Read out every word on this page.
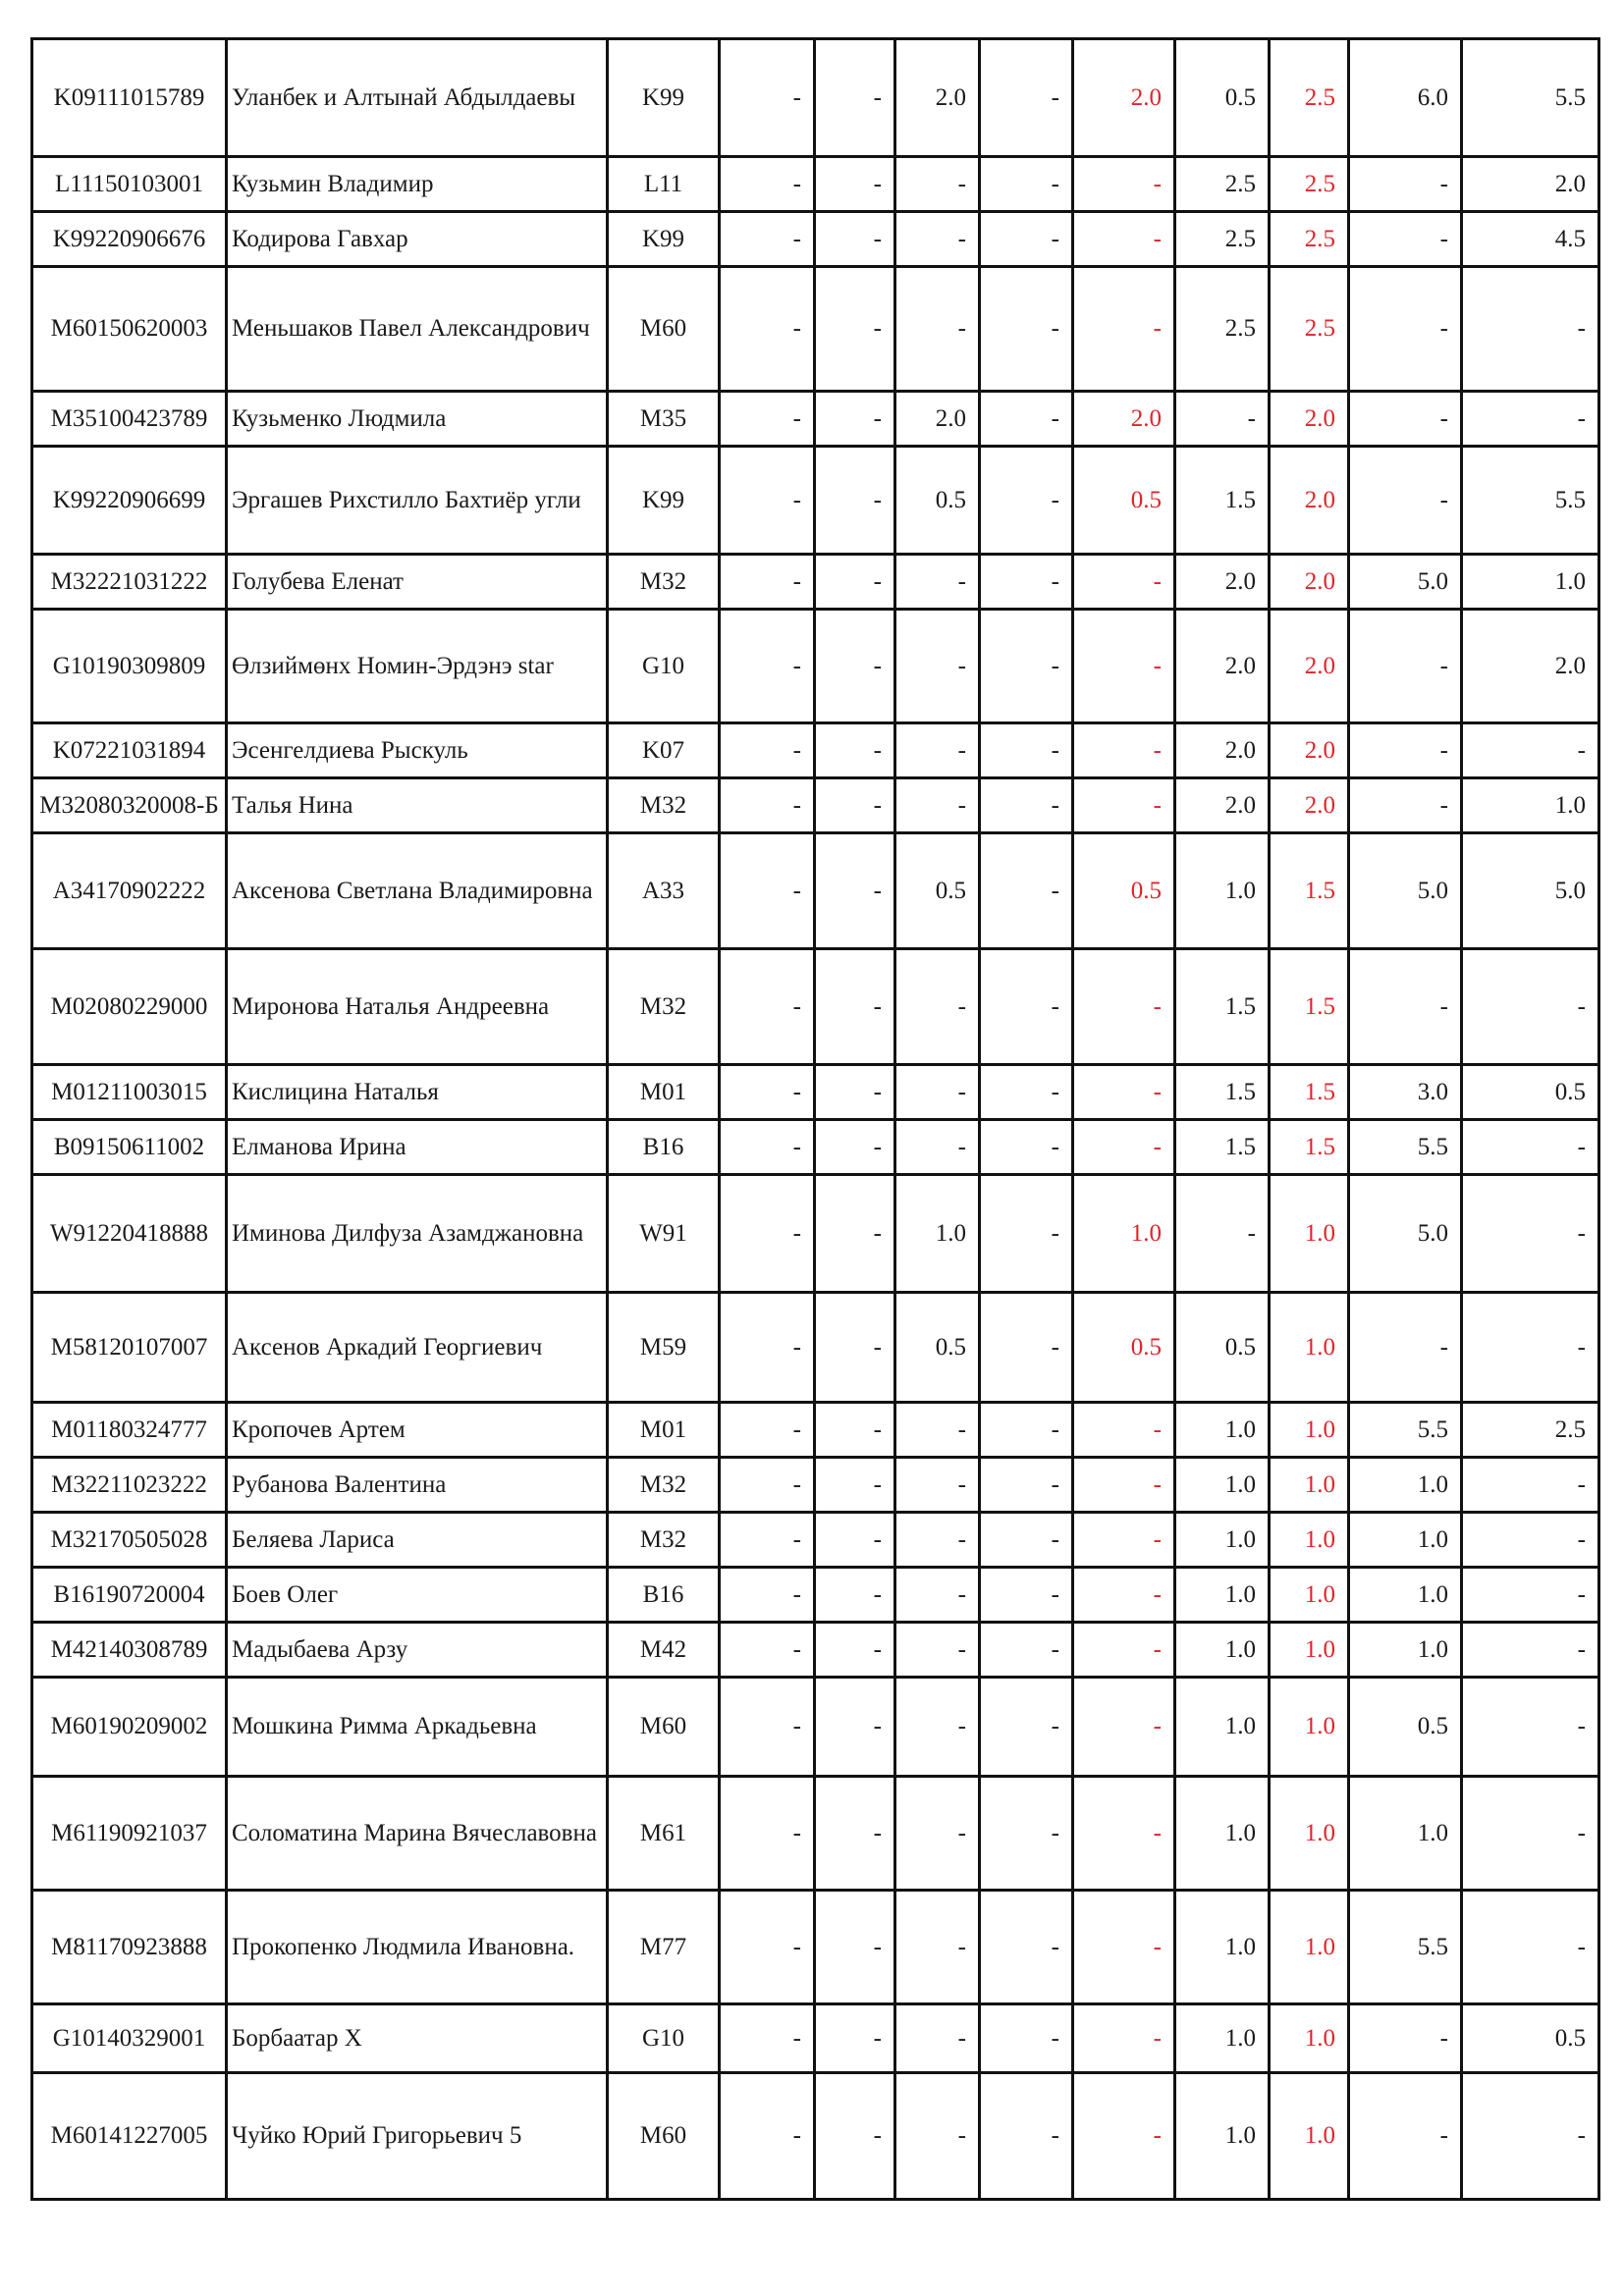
K09111015789	Уланбек и Алтынай Абдылдаевы	K99	-	-	2.0	-	2.0	0.5	2.5	6.0	5.5
L11150103001	Кузьмин Владимир	L11	-	-	-	-	-	2.5	2.5	-	2.0
K99220906676	Кодирова Гавхар	K99	-	-	-	-	-	2.5	2.5	-	4.5
M60150620003	Меньшаков Павел Александрович	M60	-	-	-	-	-	2.5	2.5	-	-
M35100423789	Кузьменко Людмила	M35	-	-	2.0	-	2.0	-	2.0	-	-
K99220906699	Эргашев Рихстилло Бахтиёр угли	K99	-	-	0.5	-	0.5	1.5	2.0	-	5.5
M32221031222	Голубева Еленат	M32	-	-	-	-	-	2.0	2.0	5.0	1.0
G10190309809	Өлзиймөнх Номин-Эрдэнэ star	G10	-	-	-	-	-	2.0	2.0	-	2.0
K07221031894	Эсенгелдиева Рыскуль	K07	-	-	-	-	-	2.0	2.0	-	-
M32080320008-Б	Талья Нина	M32	-	-	-	-	-	2.0	2.0	-	1.0
A34170902222	Аксенова Светлана Владимировна	A33	-	-	0.5	-	0.5	1.0	1.5	5.0	5.0
M02080229000	Миронова Наталья Андреевна	M32	-	-	-	-	-	1.5	1.5	-	-
M01211003015	Кислицина Наталья	M01	-	-	-	-	-	1.5	1.5	3.0	0.5
B09150611002	Елманова Ирина	B16	-	-	-	-	-	1.5	1.5	5.5	-
W91220418888	Иминова Дилфуза Азамджановна	W91	-	-	1.0	-	1.0	-	1.0	5.0	-
M58120107007	Аксенов Аркадий Георгиевич	M59	-	-	0.5	-	0.5	0.5	1.0	-	-
M01180324777	Кропочев Артем	M01	-	-	-	-	-	1.0	1.0	5.5	2.5
M32211023222	Рубанова Валентина	M32	-	-	-	-	-	1.0	1.0	1.0	-
M32170505028	Беляева Лариса	M32	-	-	-	-	-	1.0	1.0	1.0	-
B16190720004	Боев Олег	B16	-	-	-	-	-	1.0	1.0	1.0	-
M42140308789	Мадыбаева Арзу	M42	-	-	-	-	-	1.0	1.0	1.0	-
M60190209002	Мошкина Римма Аркадьевна	M60	-	-	-	-	-	1.0	1.0	0.5	-
M61190921037	Соломатина Марина Вячеславовна	M61	-	-	-	-	-	1.0	1.0	1.0	-
M81170923888	Прокопенко Людмила Ивановна.	M77	-	-	-	-	-	1.0	1.0	5.5	-
G10140329001	Борбаатар Х	G10	-	-	-	-	-	1.0	1.0	-	0.5
M60141227005	Чуйко Юрий Григорьевич 5	M60	-	-	-	-	-	1.0	1.0	-	-
